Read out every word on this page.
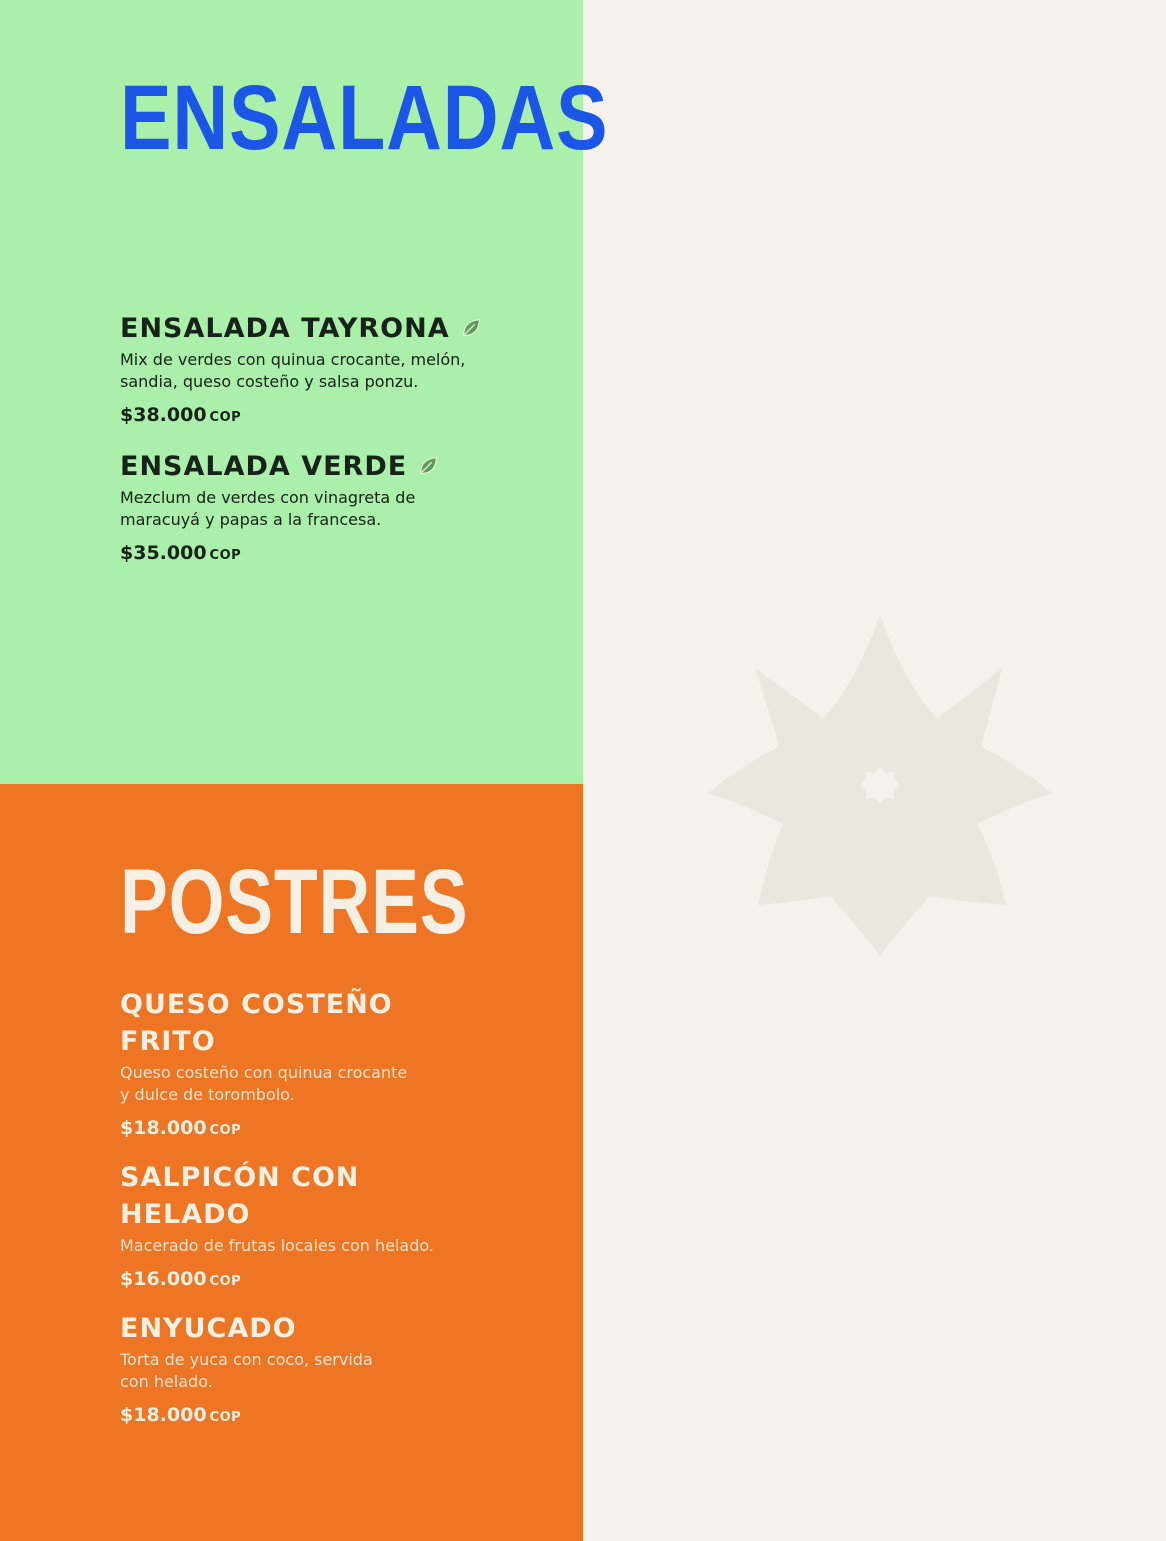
ENSALADAS

ENSALADA TAYRONA

Mix de verdes con quinua crocante, melón,
sandia, queso costeño y salsa ponzu.

$38.000 COP

ENSALADA VERDE

Mezclum de verdes con vinagreta de
maracuyá y papas a la francesa.

$35.000 COP

POSTRES

QUESO COSTEÑO
FRITO

Queso costeño con quinua crocante
y dulce de torombolo.

$18.000 COP

SALPICÓN CON
HELADO

Macerado de frutas locales con helado.

$16.000 COP

ENYUCADO

Torta de yuca con coco, servida
con helado.

$18.000 COP
